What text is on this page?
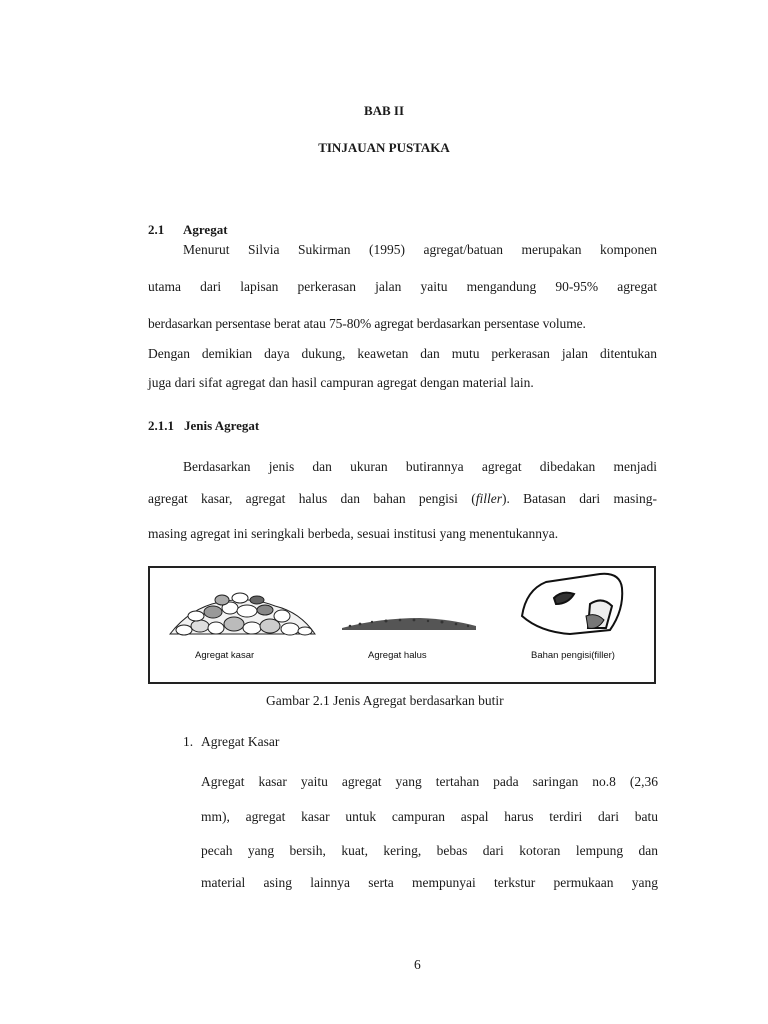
BAB II
TINJAUAN PUSTAKA
2.1 Agregat
Menurut Silvia Sukirman (1995) agregat/batuan merupakan komponen
utama dari lapisan perkerasan jalan yaitu mengandung 90-95% agregat
berdasarkan persentase berat atau 75-80% agregat berdasarkan persentase volume.
Dengan demikian daya dukung, keawetan dan mutu perkerasan jalan ditentukan
juga dari sifat agregat dan hasil campuran agregat dengan material lain.
2.1.1 Jenis Agregat
Berdasarkan jenis dan ukuran butirannya agregat dibedakan menjadi
agregat kasar, agregat halus dan bahan pengisi (filler). Batasan dari masing-
masing agregat ini seringkali berbeda, sesuai institusi yang menentukannya.
Agregat kasar	Agregat halus	Bahan pengisi(filler)
Gambar 2.1 Jenis Agregat berdasarkan butir
1. Agregat Kasar
Agregat kasar yaitu agregat yang tertahan pada saringan no.8 (2,36
mm), agregat kasar untuk campuran aspal harus terdiri dari batu
pecah yang bersih, kuat, kering, bebas dari kotoran lempung dan
material asing lainnya serta mempunyai terkstur permukaan yang
6
